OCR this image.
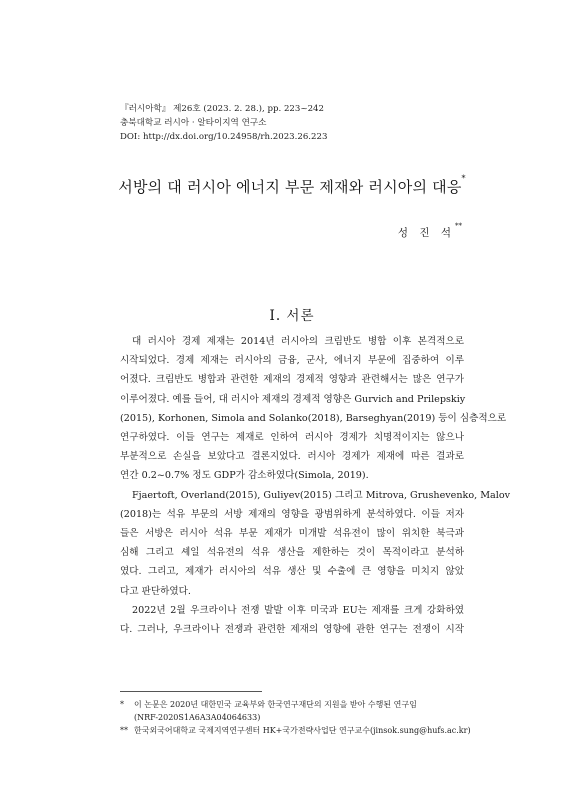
『러시아학』 제26호 (2023. 2. 28.), pp. 223~242
충북대학교 러시아 · 알타이지역 연구소
DOI: http://dx.doi.org/10.24958/rh.2023.26.223
서방의 대 러시아 에너지 부문 제재와 러시아의 대응*
성 진 석**
Ⅰ. 서론

대 러시아 경제 제재는 2014년 러시아의 크림반도 병합 이후 본격적으로
시작되었다. 경제 제재는 러시아의 금융, 군사, 에너지 부문에 집중하여 이루
어졌다. 크림반도 병합과 관련한 제재의 경제적 영향과 관련해서는 많은 연구가
이루어졌다. 예를 들어, 대 러시아 제재의 경제적 영향은 Gurvich and Prilepskiy
(2015), Korhonen, Simola and Solanko(2018), Barseghyan(2019) 등이 심층적으로
연구하였다. 이들 연구는 제재로 인하여 러시아 경제가 치명적이지는 않으나
부분적으로 손실을 보았다고 결론지었다. 러시아 경제가 제재에 따른 결과로
연간 0.2~0.7% 정도 GDP가 감소하였다(Simola, 2019).

Fjaertoft, Overland(2015), Guliyev(2015) 그리고 Mitrova, Grushevenko, Malov
(2018)는 석유 부문의 서방 제재의 영향을 광범위하게 분석하였다. 이들 저자
들은 서방은 러시아 석유 부문 제재가 미개발 석유전이 많이 위치한 북극과
심해 그리고 셰일 석유전의 석유 생산을 제한하는 것이 목적이라고 분석하
였다. 그리고, 제재가 러시아의 석유 생산 및 수출에 큰 영향을 미치지 않았
다고 판단하였다.

2022년 2월 우크라이나 전쟁 발발 이후 미국과 EU는 제재를 크게 강화하였
다. 그러나, 우크라이나 전쟁과 관련한 제재의 영향에 관한 연구는 전쟁이 시작

*	이 논문은 2020년 대한민국 교육부와 한국연구재단의 지원을 받아 수행된 연구임
(NRF-2020S1A6A3A04064633)
** 한국외국어대학교 국제지역연구센터 HK+국가전략사업단 연구교수(jinsok.sung@hufs.ac.kr)
